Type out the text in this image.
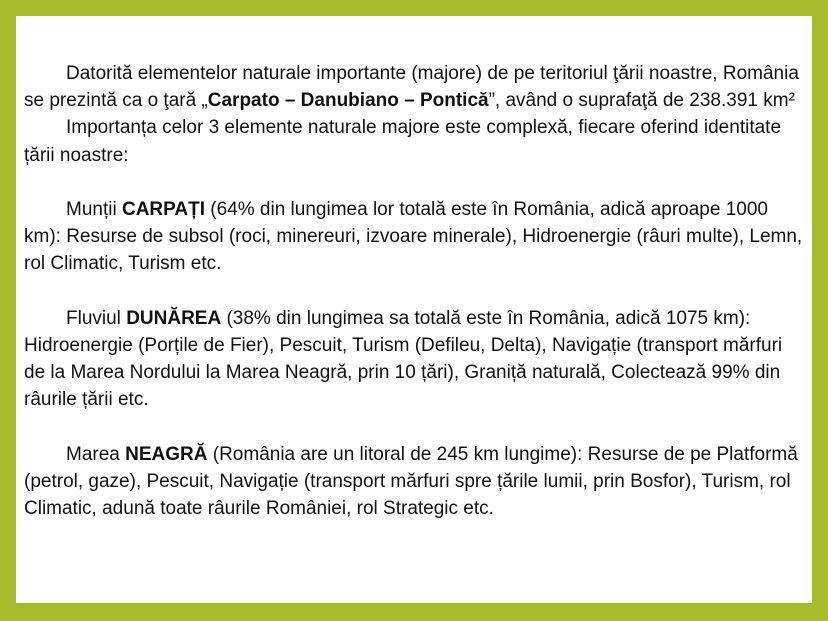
Datorită elementelor naturale importante (majore) de pe teritoriul ţării noastre, România se prezintă ca o ţară „Carpato – Danubiano – Pontică”, având o suprafaţă de 238.391 km²

Importanța celor 3 elemente naturale majore este complexă, fiecare oferind identitate țării noastre:

Munții CARPAȚI (64% din lungimea lor totală este în România, adică aproape 1000 km): Resurse de subsol (roci, minereuri, izvoare minerale), Hidroenergie (râuri multe), Lemn, rol Climatic, Turism etc.

Fluviul DUNĂREA (38% din lungimea sa totală este în România, adică 1075 km): Hidroenergie (Porțile de Fier), Pescuit, Turism (Defileu, Delta), Navigație (transport mărfuri de la Marea Nordului la Marea Neagră, prin 10 țări), Graniță naturală, Colectează 99% din râurile țării etc.

Marea NEAGRĂ (România are un litoral de 245 km lungime): Resurse de pe Platformă (petrol, gaze), Pescuit, Navigație (transport mărfuri spre țările lumii, prin Bosfor), Turism, rol Climatic, adună toate râurile României, rol Strategic etc.
